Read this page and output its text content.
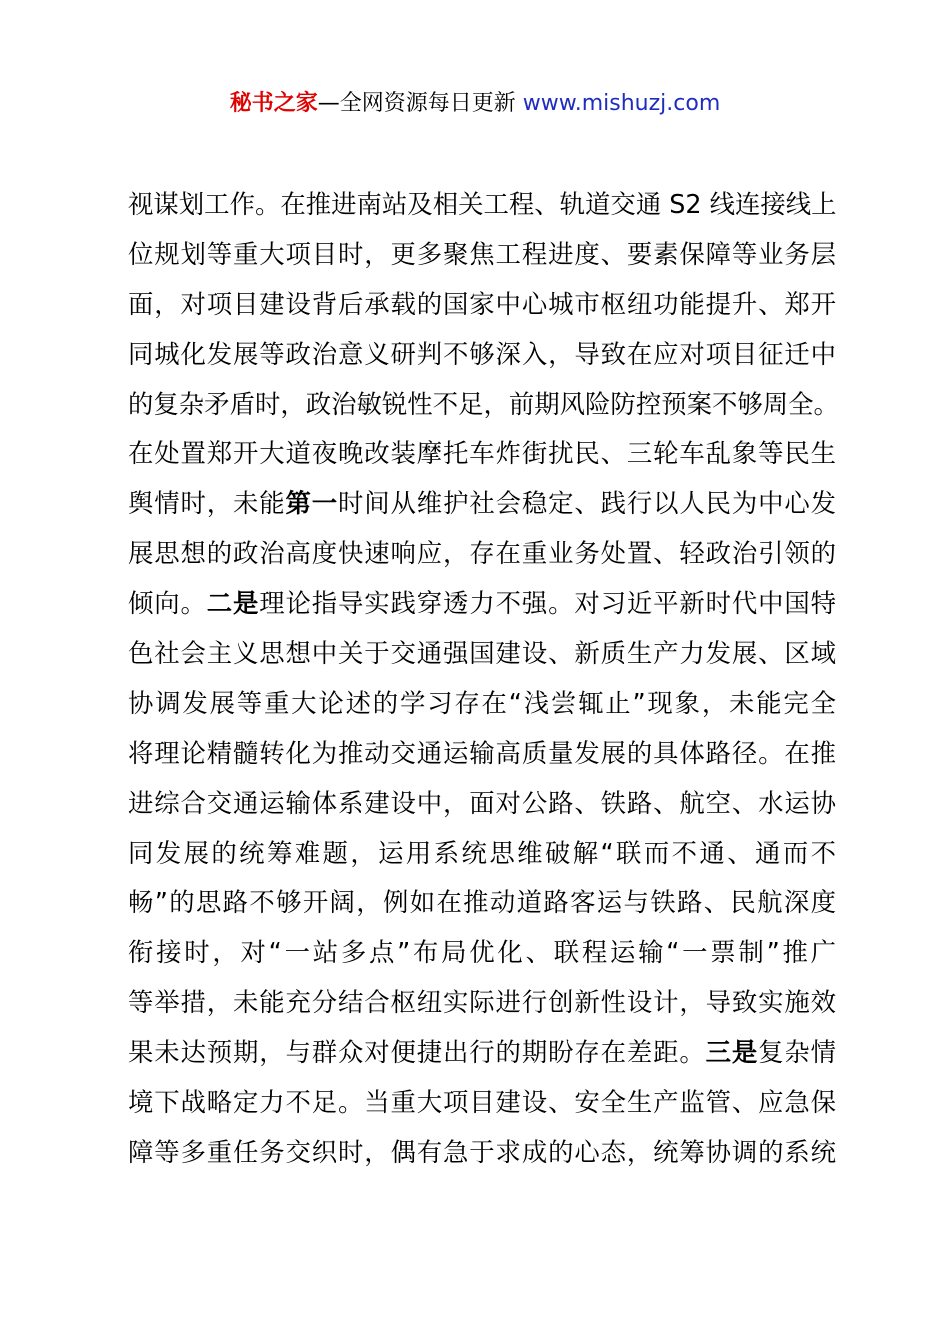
秘书之家—全网资源每日更新 www.mishuzj.com
视谋划工作。在推进南站及相关工程、轨道交通 S2 线连接线上
位规划等重大项目时，更多聚焦工程进度、要素保障等业务层
面，对项目建设背后承载的国家中心城市枢纽功能提升、郑开
同城化发展等政治意义研判不够深入，导致在应对项目征迁中
的复杂矛盾时，政治敏锐性不足，前期风险防控预案不够周全。
在处置郑开大道夜晚改装摩托车炸街扰民、三轮车乱象等民生
舆情时，未能第一时间从维护社会稳定、践行以人民为中心发
展思想的政治高度快速响应，存在重业务处置、轻政治引领的
倾向。二是理论指导实践穿透力不强。对习近平新时代中国特
色社会主义思想中关于交通强国建设、新质生产力发展、区域
协调发展等重大论述的学习存在“浅尝辄止”现象，未能完全
将理论精髓转化为推动交通运输高质量发展的具体路径。在推
进综合交通运输体系建设中，面对公路、铁路、航空、水运协
同发展的统筹难题，运用系统思维破解“联而不通、通而不
畅”的思路不够开阔，例如在推动道路客运与铁路、民航深度
衔接时，对“一站多点”布局优化、联程运输“一票制”推广
等举措，未能充分结合枢纽实际进行创新性设计，导致实施效
果未达预期，与群众对便捷出行的期盼存在差距。三是复杂情
境下战略定力不足。当重大项目建设、安全生产监管、应急保
障等多重任务交织时，偶有急于求成的心态，统筹协调的系统
